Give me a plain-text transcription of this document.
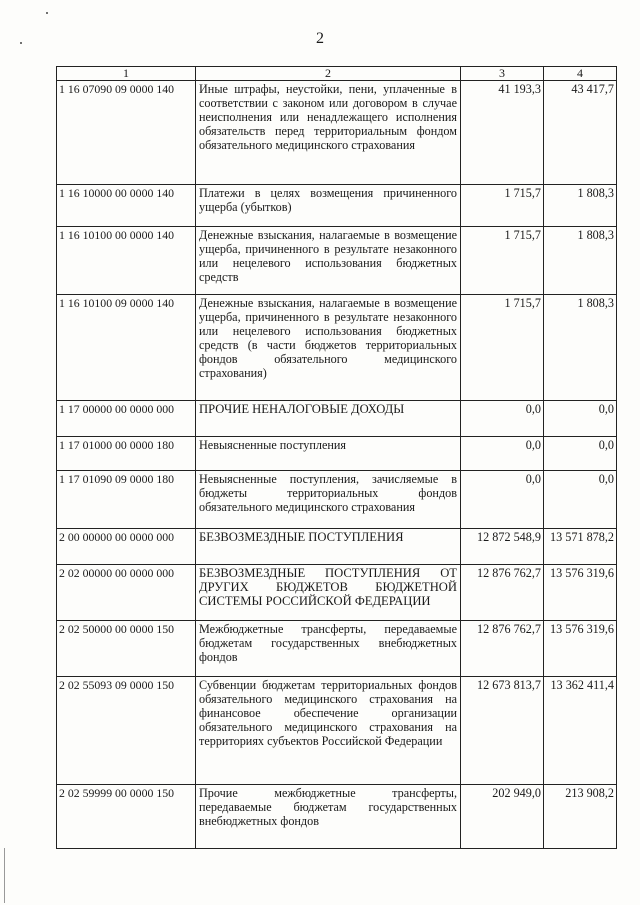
2
1	2	3	4
1 16 07090 09 0000 140	Иные штрафы, неустойки, пени, уплаченные в соответствии с законом или договором в случае неисполнения или ненадлежащего исполнения обязательств перед территориальным фондом обязательного медицинского страхования	41 193,3	43 417,7
1 16 10000 00 0000 140	Платежи в целях возмещения причиненного ущерба (убытков)	1 715,7	1 808,3
1 16 10100 00 0000 140	Денежные взыскания, налагаемые в возмещение ущерба, причиненного в результате незаконного или нецелевого использования бюджетных средств	1 715,7	1 808,3
1 16 10100 09 0000 140	Денежные взыскания, налагаемые в возмещение ущерба, причиненного в результате незаконного или нецелевого использования бюджетных средств (в части бюджетов территориальных фондов обязательного медицинского страхования)	1 715,7	1 808,3
1 17 00000 00 0000 000	ПРОЧИЕ НЕНАЛОГОВЫЕ ДОХОДЫ	0,0	0,0
1 17 01000 00 0000 180	Невыясненные поступления	0,0	0,0
1 17 01090 09 0000 180	Невыясненные поступления, зачисляемые в бюджеты территориальных фондов обязательного медицинского страхования	0,0	0,0
2 00 00000 00 0000 000	БЕЗВОЗМЕЗДНЫЕ ПОСТУПЛЕНИЯ	12 872 548,9	13 571 878,2
2 02 00000 00 0000 000	БЕЗВОЗМЕЗДНЫЕ ПОСТУПЛЕНИЯ ОТ ДРУГИХ БЮДЖЕТОВ БЮДЖЕТНОЙ СИСТЕМЫ РОССИЙСКОЙ ФЕДЕРАЦИИ	12 876 762,7	13 576 319,6
2 02 50000 00 0000 150	Межбюджетные трансферты, передаваемые бюджетам государственных внебюджетных фондов	12 876 762,7	13 576 319,6
2 02 55093 09 0000 150	Субвенции бюджетам территориальных фондов обязательного медицинского страхования на финансовое обеспечение организации обязательного медицинского страхования на территориях субъектов Российской Федерации	12 673 813,7	13 362 411,4
2 02 59999 00 0000 150	Прочие межбюджетные трансферты, передаваемые бюджетам государственных внебюджетных фондов	202 949,0	213 908,2
